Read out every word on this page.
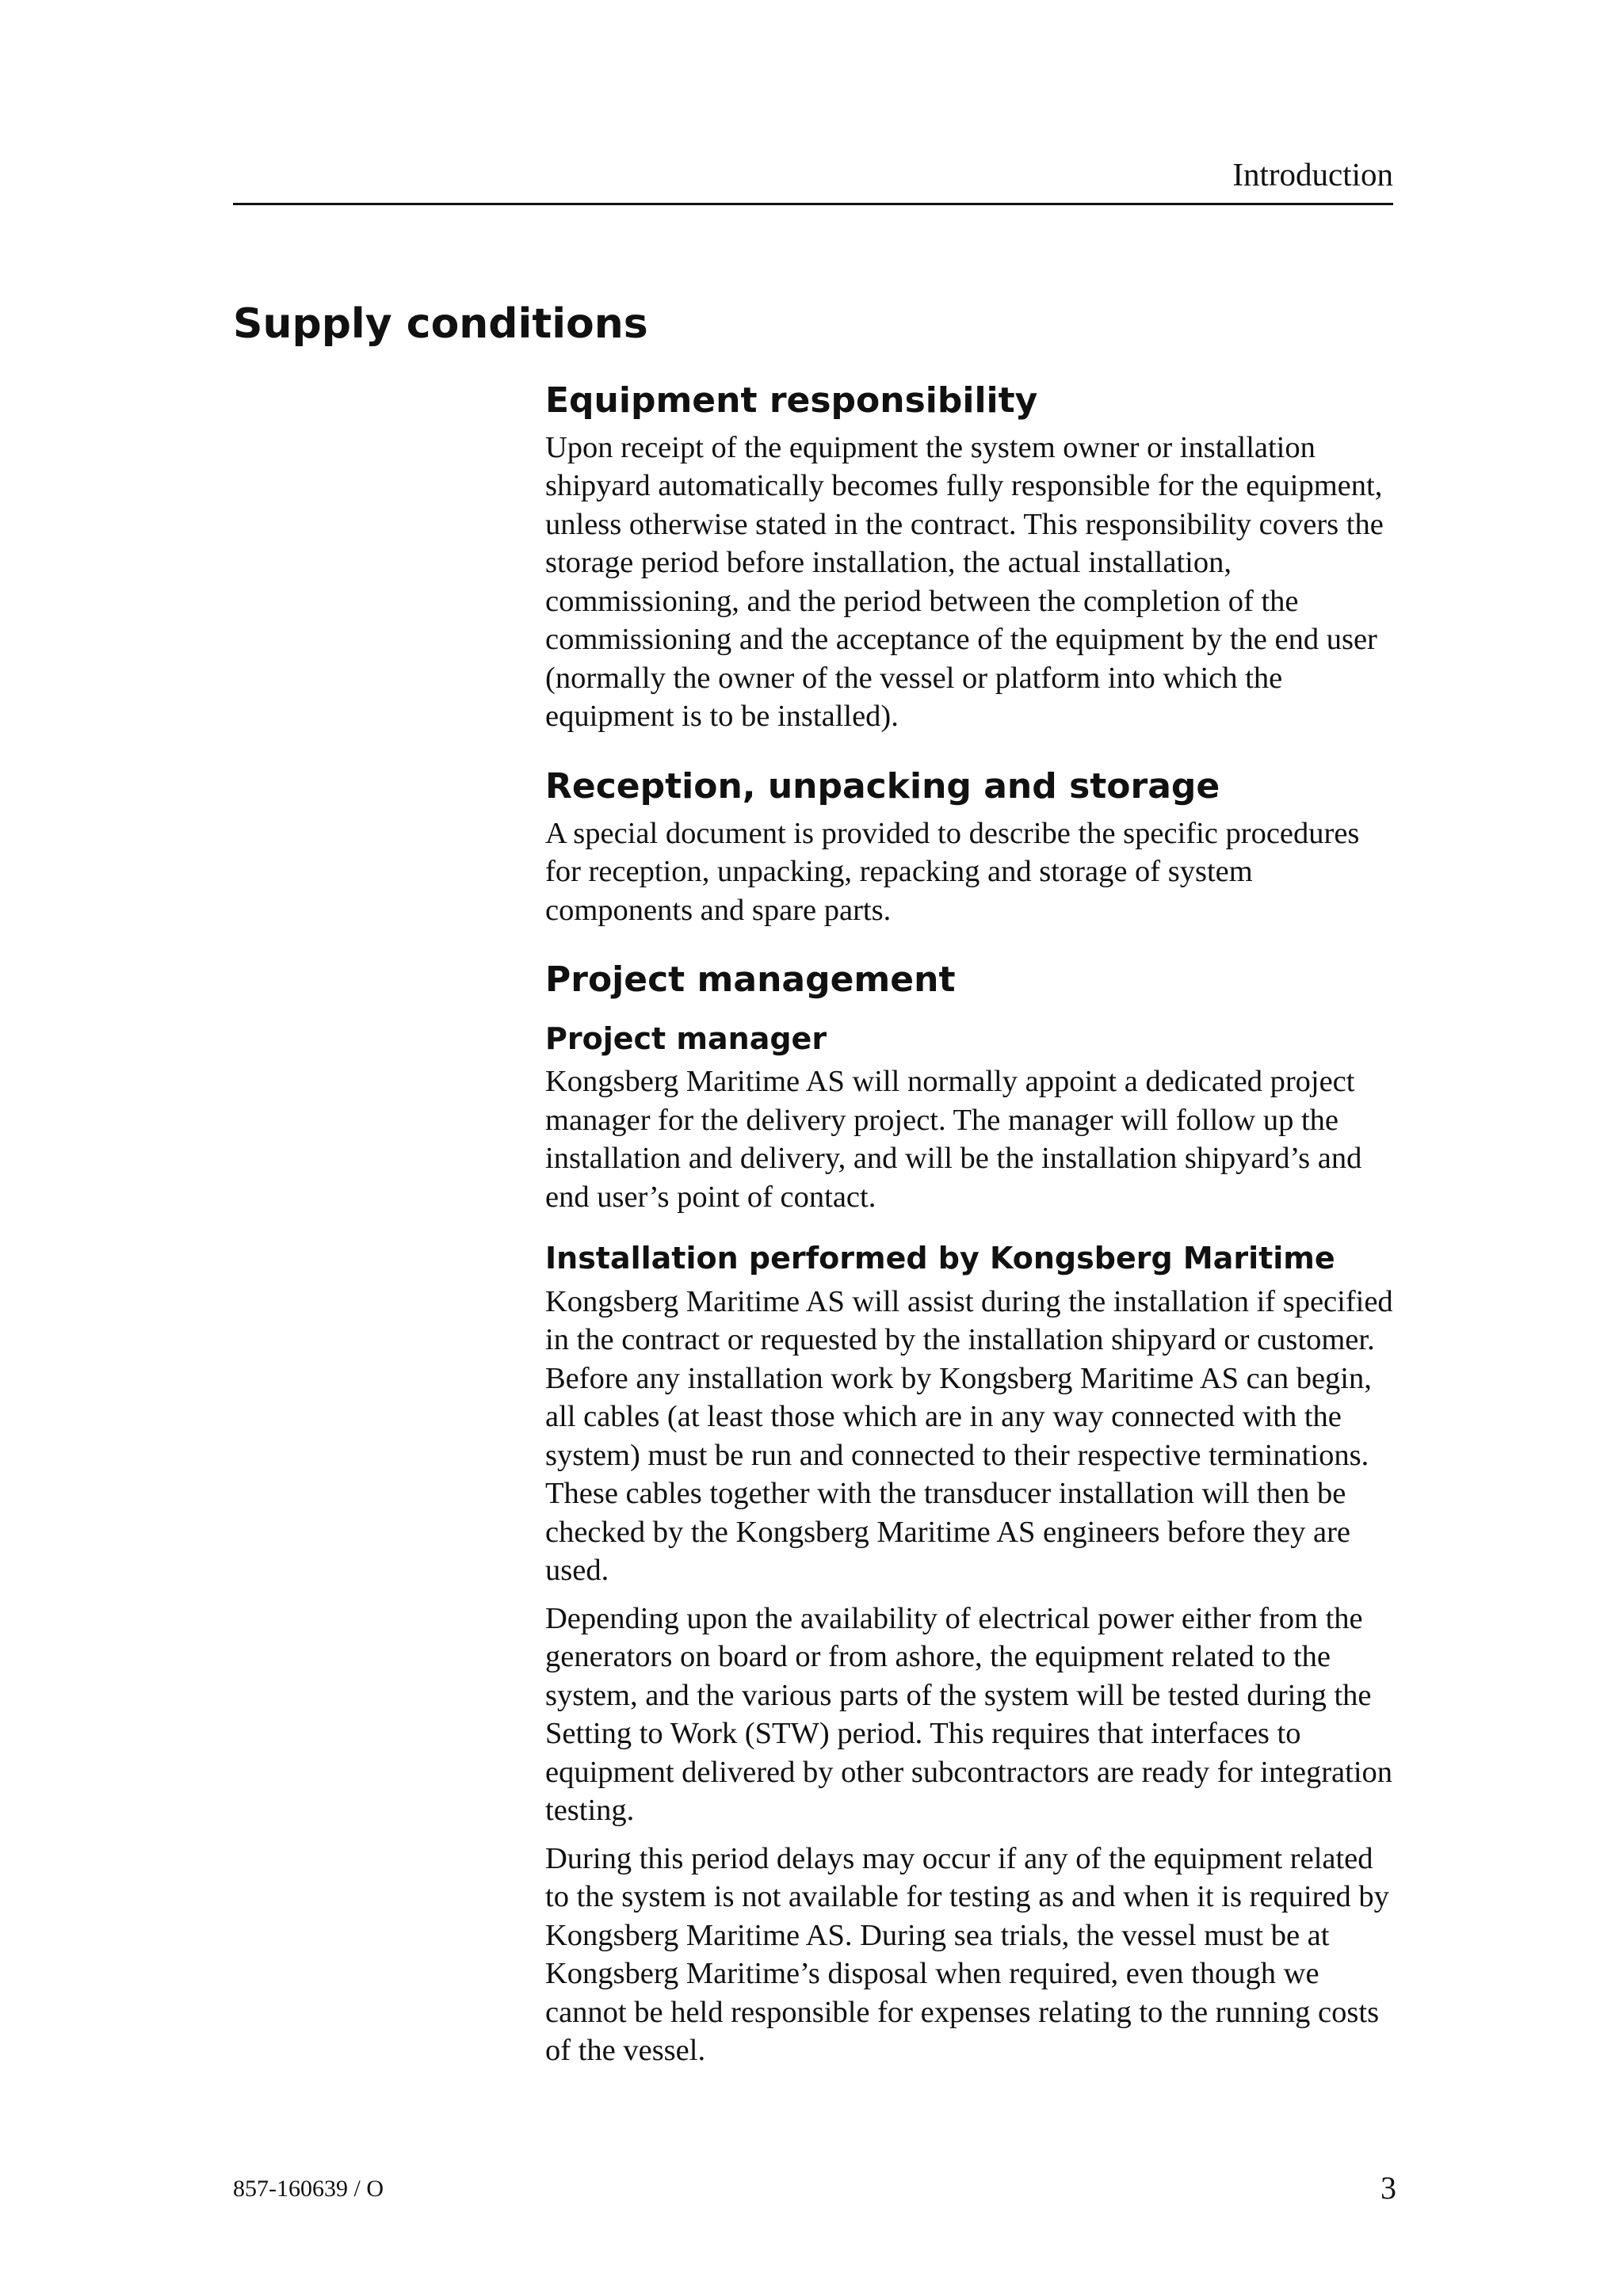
Introduction
Supply conditions
Equipment responsibility

Upon receipt of the equipment the system owner or installation shipyard automatically becomes fully responsible for the equipment, unless otherwise stated in the contract. This responsibility covers the storage period before installation, the actual installation, commissioning, and the period between the completion of the commissioning and the acceptance of the equipment by the end user (normally the owner of the vessel or platform into which the equipment is to be installed).

Reception, unpacking and storage

A special document is provided to describe the specific procedures for reception, unpacking, repacking and storage of system components and spare parts.

Project management
Project manager

Kongsberg Maritime AS will normally appoint a dedicated project manager for the delivery project. The manager will follow up the installation and delivery, and will be the installation shipyard’s and end user’s point of contact.

Installation performed by Kongsberg Maritime

Kongsberg Maritime AS will assist during the installation if specified in the contract or requested by the installation shipyard or customer. Before any installation work by Kongsberg Maritime AS can begin, all cables (at least those which are in any way connected with the system) must be run and connected to their respective terminations. These cables together with the transducer installation will then be checked by the Kongsberg Maritime AS engineers before they are used.

Depending upon the availability of electrical power either from the generators on board or from ashore, the equipment related to the system, and the various parts of the system will be tested during the Setting to Work (STW) period. This requires that interfaces to equipment delivered by other subcontractors are ready for integration testing.

During this period delays may occur if any of the equipment related to the system is not available for testing as and when it is required by Kongsberg Maritime AS. During sea trials, the vessel must be at Kongsberg Maritime’s disposal when required, even though we cannot be held responsible for expenses relating to the running costs of the vessel.

857-160639 / O	3
